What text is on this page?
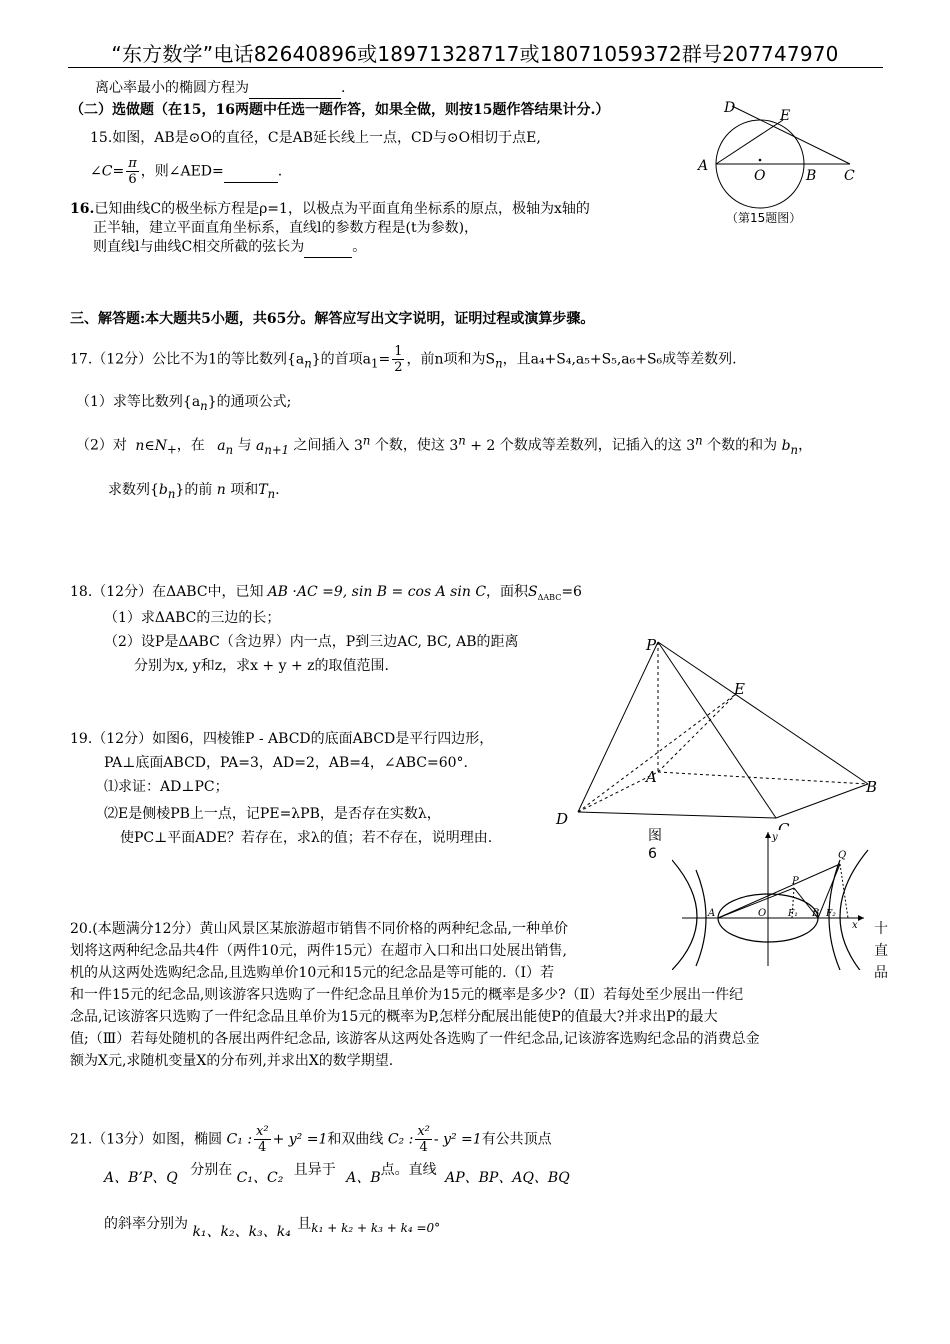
“东方数学”电话82640896或18971328717或18071059372群号207747970
离心率最小的椭圆方程为	.
（二）选做题（在15，16两题中任选一题作答，如果全做，则按15题作答结果计分.）
15.如图，AB是⊙O的直径，C是AB延长线上一点，CD与⊙O相切于点E,
∠C= $\frac{\pi}{6}$ ，则∠AED=	.
D	E
A
O	B C
（第15题图）
16.已知曲线C的极坐标方程是ρ=1，以极点为平面直角坐标系的原点，极轴为x轴的
正半轴，建立平面直角坐标系，直线l的参数方程是(t为参数)，
则直线l与曲线C相交所截的弦长为	。
三、解答题:本大题共5小题，共65分。解答应写出文字说明，证明过程或演算步骤。
17.（12分）公比不为1的等比数列$\{a_n\}$的首项$a_1= \frac{1}{2}$ ，前n项和为$S_n$，且a₄+S₄,a₅+S₅,a₆+S₆成等差数列.
（1）求等比数列$\{a_n\}$的通项公式;
（2）对 $n\in N_+$，在 $a_n$ 与 $a_{n+1}$ 之间插入 3$^n$ 个数，使这 $3^n + 2$ 个数成等差数列，记插入的这 3$^n$ 个数的和为 $b_n$，
求数列$\{b_n\}$的前 n 项和$T_n$.
18.（12分）在ΔABC中，已知 AB ·AC =9, sin B = cos A sin C，面积$S_{\Delta ABC}=6$
（1）求ΔABC的三边的长；
（2）设P是ΔABC（含边界）内一点，P到三边AC, BC, AB的距离
分别为x, y和z，求x + y + z的取值范围.
P
E
A
B
D
C
图
6
19.（12分）如图6，四棱锥P - ABCD的底面ABCD是平行四边形，
PA⊥底面ABCD，PA=3，AD=2，AB=4，∠ABC=60°.
⑴求证：AD⊥PC；
⑵E是侧棱PB上一点，记PE=λPB，是否存在实数λ，
使PC⊥平面ADE？若存在，求λ的值；若不存在，说明理由.
20.(本题满分12分）黄山风景区某旅游超市销售不同价格的两种纪念品,一种单价	十
划将这两种纪念品共4件（两件10元，两件15元）在超市入口和出口处展出销售,	直
机的从这两处选购纪念品,且选购单价10元和15元的纪念品是等可能的.（Ⅰ）若	品
和一件15元的纪念品,则该游客只选购了一件纪念品且单价为15元的概率是多少?（Ⅱ）若每处至少展出一件纪
念品,记该游客只选购了一件纪念品且单价为15元的概率为P,怎样分配展出能使P的值最大?并求出P的最大
值;（Ⅲ）若每处随机的各展出两件纪念品, 该游客从这两处各选购了一件纪念品,记该游客选购纪念品的消费总金
额为X元,求随机变量X的分布列,并求出X的数学期望.
y
Q
P
A	O F₁ B F₂
x
21.（13分）如图，椭圆 C₁ : $\frac{\text{x²}}{4} + y^2 =1$和双曲线 C₂ : $\frac{\text{x²}}{4} - y^2 =1$有公共顶点
A、B’P、Q 分别在 C₁、C₂ 且异于 A、B点。直线 AP、BP、AQ、BQ
的斜率分别为 k₁、k₂、k₃、k₄ 且k₁ + k₂ + k₃ + k₄ =0°
